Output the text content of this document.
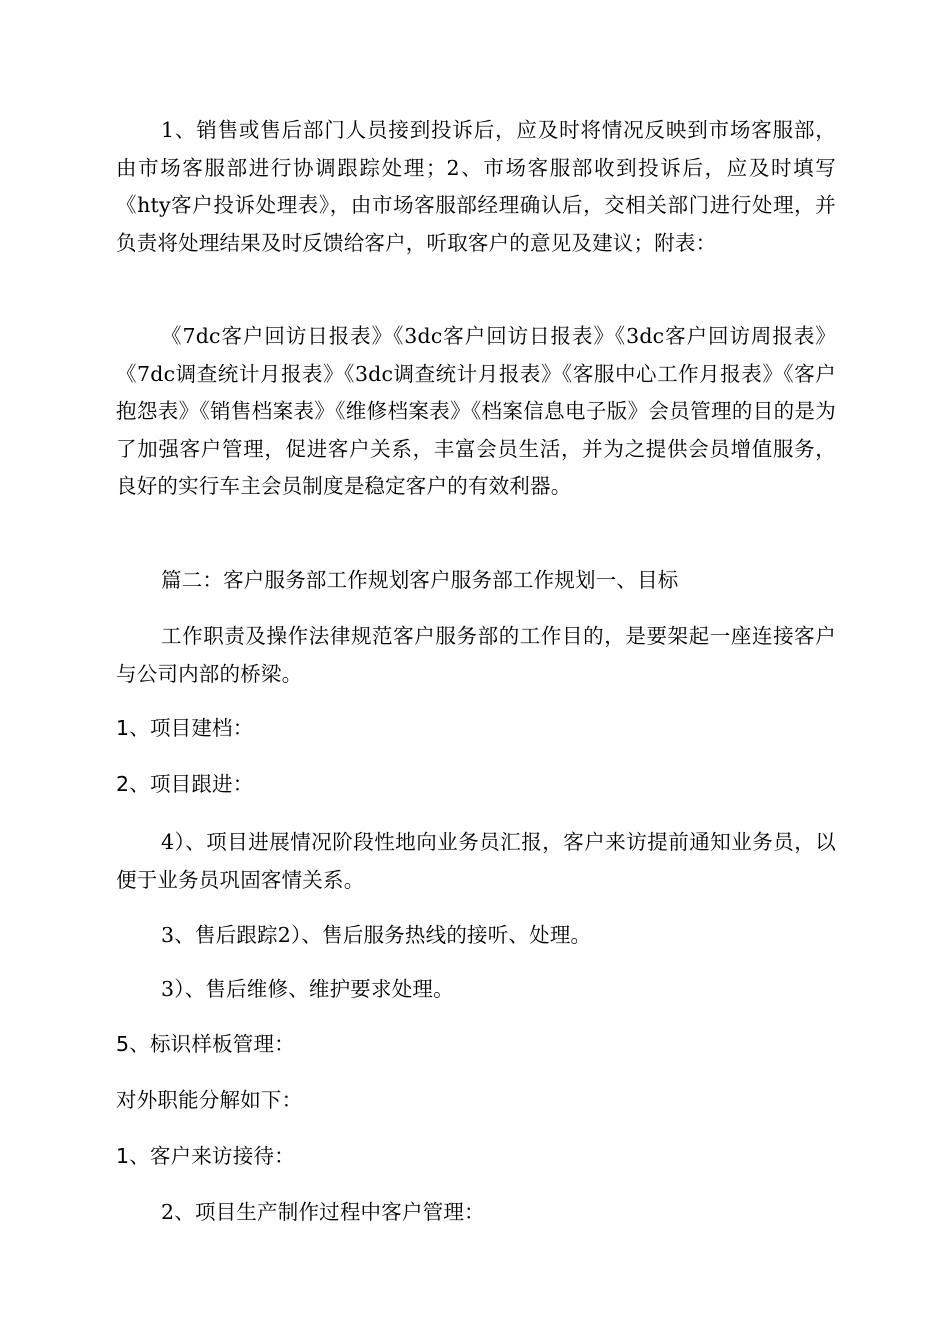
1、销售或售后部门人员接到投诉后，应及时将情况反映到市场客服部，由市场客服部进行协调跟踪处理；2、市场客服部收到投诉后，应及时填写《hty客户投诉处理表》，由市场客服部经理确认后，交相关部门进行处理，并负责将处理结果及时反馈给客户，听取客户的意见及建议；附表：

《7dc客户回访日报表》《3dc客户回访日报表》《3dc客户回访周报表》《7dc调查统计月报表》《3dc调查统计月报表》《客服中心工作月报表》《客户抱怨表》《销售档案表》《维修档案表》《档案信息电子版》会员管理的目的是为了加强客户管理，促进客户关系，丰富会员生活，并为之提供会员增值服务，良好的实行车主会员制度是稳定客户的有效利器。

篇二：客户服务部工作规划客户服务部工作规划一、目标

工作职责及操作法律规范客户服务部的工作目的，是要架起一座连接客户与公司内部的桥梁。

1、项目建档：

2、项目跟进：

4）、项目进展情况阶段性地向业务员汇报，客户来访提前通知业务员，以便于业务员巩固客情关系。

3、售后跟踪2）、售后服务热线的接听、处理。

3）、售后维修、维护要求处理。

5、标识样板管理：

对外职能分解如下：

1、客户来访接待：

2、项目生产制作过程中客户管理：
